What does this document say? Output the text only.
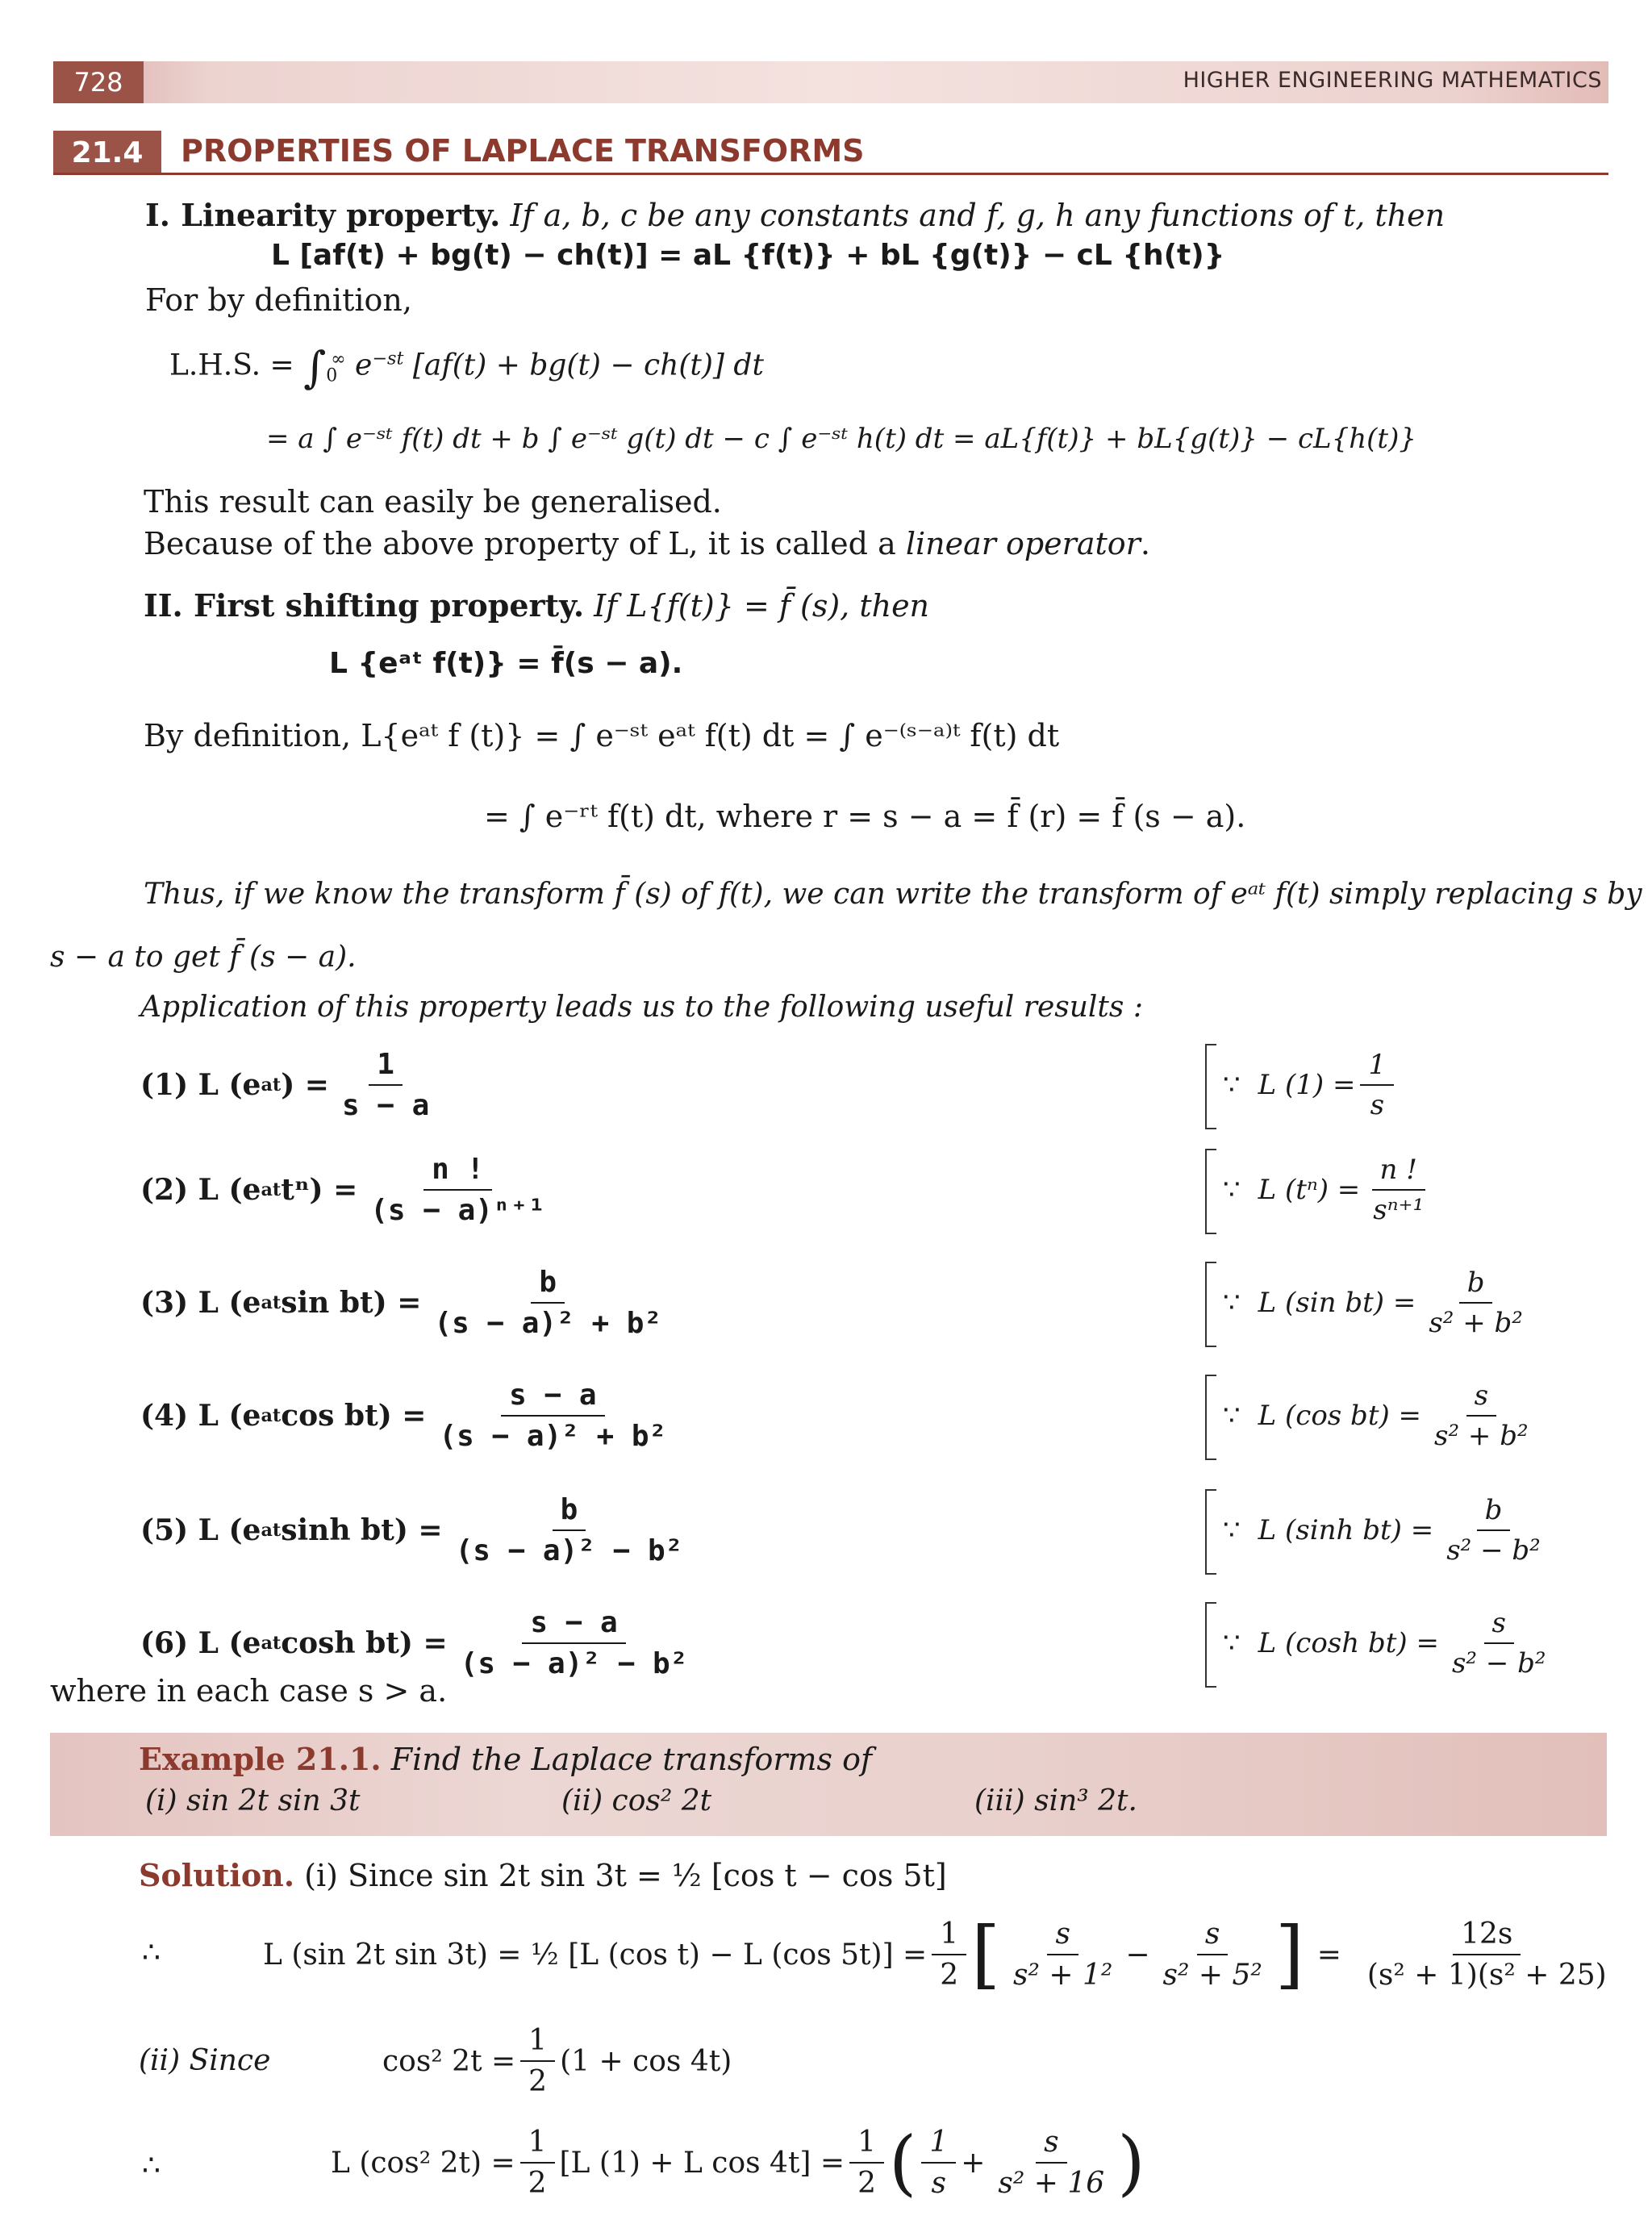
728	HIGHER ENGINEERING MATHEMATICS
21.4	PROPERTIES OF LAPLACE TRANSFORMS
I. Linearity property. If a, b, c be any constants and f, g, h any functions of t, then
L [af(t) + bg(t) − ch(t)] = aL {f(t)} + bL {g(t)} − cL {h(t)}
For by definition,
L.H.S. = $\int_0^\infty$ $e^{-st}$ [af(t) + bg(t) − ch(t)] dt
= a ∫ e⁻ˢᵗ f(t) dt + b ∫ e⁻ˢᵗ g(t) dt − c ∫ e⁻ˢᵗ h(t) dt = aL{f(t)} + bL{g(t)} − cL{h(t)}
This result can easily be generalised.
Because of the above property of L, it is called a linear operator.
II. First shifting property. If L{f(t)} = f̄ (s), then
L {eᵃᵗ f(t)} = f̄(s − a).
By definition, L{eᵃᵗ f (t)} = ∫ e⁻ˢᵗ eᵃᵗ f(t) dt = ∫ e⁻⁽ˢ⁻ᵃ⁾ᵗ f(t) dt
= ∫ e⁻ʳᵗ f(t) dt, where r = s − a = f̄ (r) = f̄ (s − a).
Thus, if we know the transform f̄ (s) of f(t), we can write the transform of eᵃᵗ f(t) simply replacing s by
s − a to get f̄ (s − a).
Application of this property leads us to the following useful results :
(1) L (e at ) = $\frac{1}{s - a}$	∵ L $(1) = \frac{1}{s}$
(2) L (e at $t^n) = \frac{n !}{\text{(s − a)ⁿ⁺¹}}$	∵ L $(t^n) = \frac{n !}{\text{sⁿ⁺¹}}$
(3) L (e at $\sin bt) = \frac{b}{\text{(s − a)² + b²}}$	∵ L (sin $bt) = \frac{b}{\text{s² + b²}}$
(4) L (e at $\cos bt) = \frac{s - a}{\text{(s − a)² + b²}}$	∵ L (cos $bt) = \frac{s}{\text{s² + b²}}$
(5) L (e at $\sinh bt) = \frac{b}{\text{(s − a)² − b²}}$	∵ L (sinh $bt) = \frac{b}{\text{s² − b²}}$
(6) L (e at $\cosh bt) = \frac{s - a}{\text{(s − a)² − b²}}$	∵ L (cosh $bt) = \frac{s}{\text{s² − b²}}$
where in each case s > a.
Example 21.1. Find the Laplace transforms of
(i) sin 2t sin 3t	(ii) cos² 2t	(iii) sin³ 2t.
Solution. (i) Since sin 2t sin 3t = ½ [cos t − cos 5t]
∴	L (sin 2t sin 3t) = ½ [L (cos t) − L (cos $5t)] = \frac{1}{2}$ [ $\frac{s}{\text{s² + 1²}} - \frac{s}{\text{s² + 5²}}$ ] = $\frac{12s}{\text{(s² + 1)(s² + 25)}}$
(ii) Since	cos² $2t = \frac{1}{2} (1 + \cos 4t)$
∴	L (cos² $2t) = \frac{1}{2} [L$ (1) + L $\cos 4t] = \frac{1}{2}$ ( $\frac{1}{s} + \frac{s}{\text{s² + 16}}$ )
